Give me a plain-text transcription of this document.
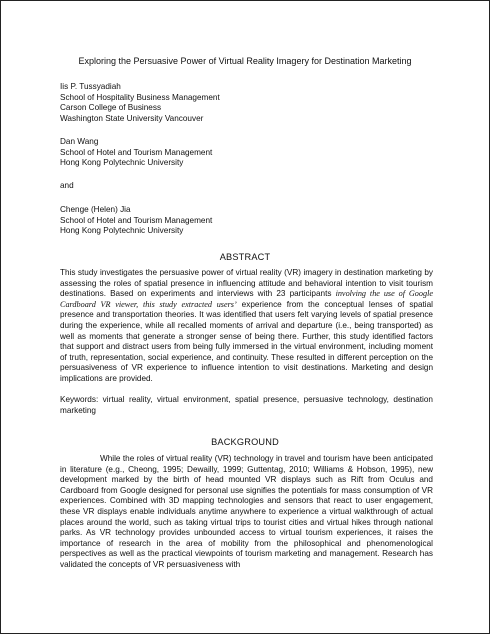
Exploring the Persuasive Power of Virtual Reality Imagery for Destination Marketing
Iis P. Tussyadiah
School of Hospitality Business Management
Carson College of Business
Washington State University Vancouver
Dan Wang
School of Hotel and Tourism Management
Hong Kong Polytechnic University
and
Chenge (Helen) Jia
School of Hotel and Tourism Management
Hong Kong Polytechnic University
ABSTRACT
This study investigates the persuasive power of virtual reality (VR) imagery in destination marketing by assessing the roles of spatial presence in influencing attitude and behavioral intention to visit tourism destinations. Based on experiments and interviews with 23 participants involving the use of Google Cardboard VR viewer, this study extracted users’ experience from the conceptual lenses of spatial presence and transportation theories. It was identified that users felt varying levels of spatial presence during the experience, while all recalled moments of arrival and departure (i.e., being transported) as well as moments that generate a stronger sense of being there. Further, this study identified factors that support and distract users from being fully immersed in the virtual environment, including moment of truth, representation, social experience, and continuity. These resulted in different perception on the persuasiveness of VR experience to influence intention to visit destinations. Marketing and design implications are provided.
Keywords: virtual reality, virtual environment, spatial presence, persuasive technology, destination marketing
BACKGROUND
While the roles of virtual reality (VR) technology in travel and tourism have been anticipated in literature (e.g., Cheong, 1995; Dewailly, 1999; Guttentag, 2010; Williams & Hobson, 1995), new development marked by the birth of head mounted VR displays such as Rift from Oculus and Cardboard from Google designed for personal use signifies the potentials for mass consumption of VR experiences. Combined with 3D mapping technologies and sensors that react to user engagement, these VR displays enable individuals anytime anywhere to experience a virtual walkthrough of actual places around the world, such as taking virtual trips to tourist cities and virtual hikes through national parks. As VR technology provides unbounded access to virtual tourism experiences, it raises the importance of research in the area of mobility from the philosophical and phenomenological perspectives as well as the practical viewpoints of tourism marketing and management. Research has validated the concepts of VR persuasiveness with
